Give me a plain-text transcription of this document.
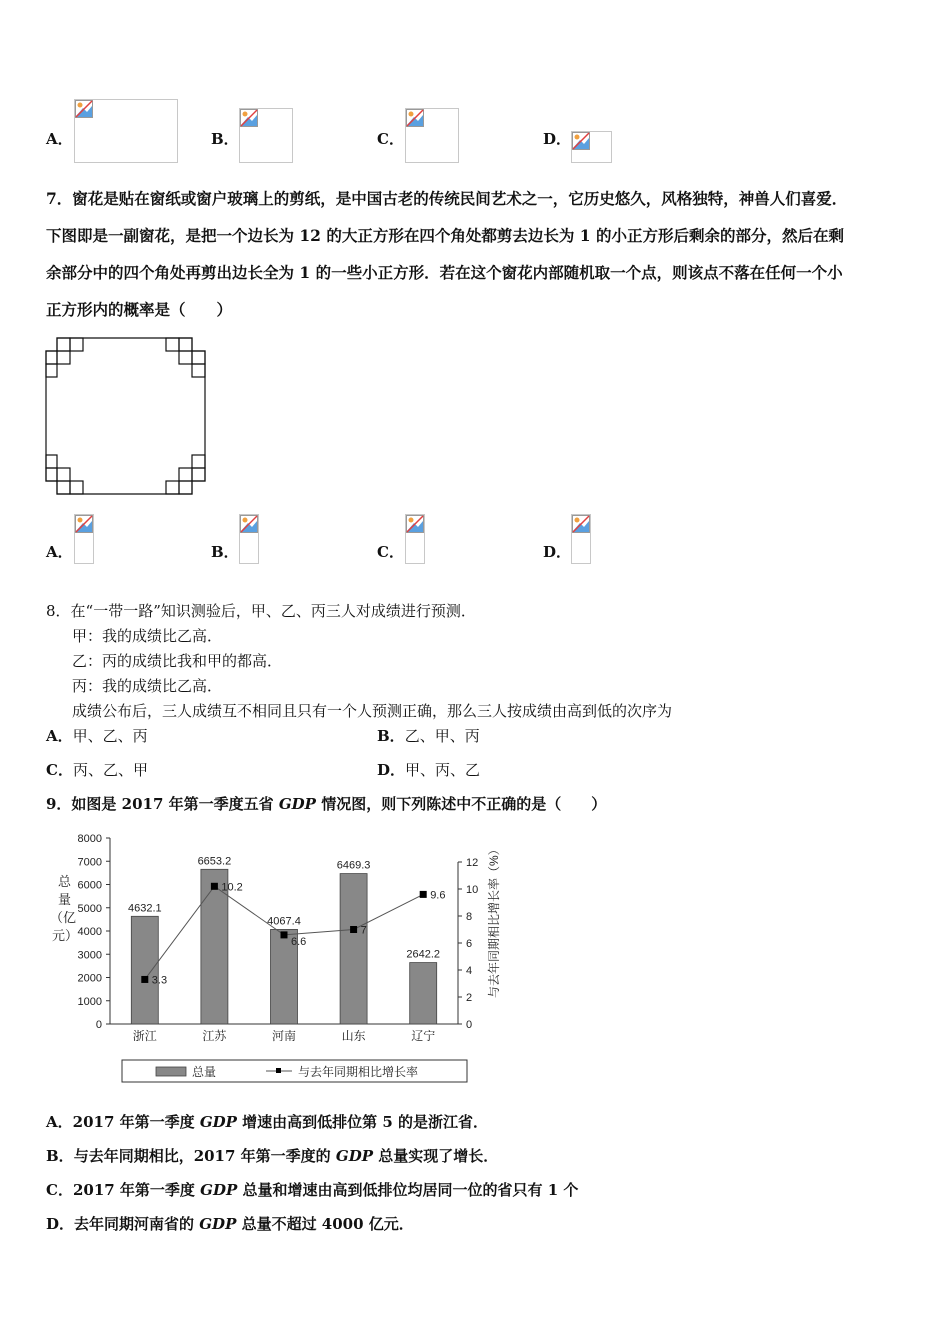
A．	B．	C．	D．
7．窗花是贴在窗纸或窗户玻璃上的剪纸，是中国古老的传统民间艺术之一，它历史悠久，风格独特，神兽人们喜爱．
下图即是一副窗花，是把一个边长为 12 的大正方形在四个角处都剪去边长为 1 的小正方形后剩余的部分，然后在剩
余部分中的四个角处再剪出边长全为 1 的一些小正方形．若在这个窗花内部随机取一个点，则该点不落在任何一个小
正方形内的概率是（　　）
A．	B．	C．	D．
8．在“一带一路”知识测验后，甲、乙、丙三人对成绩进行预测．
甲：我的成绩比乙高．
乙：丙的成绩比我和甲的都高．
丙：我的成绩比乙高．
成绩公布后，三人成绩互不相同且只有一个人预测正确，那么三人按成绩由高到低的次序为
A．甲、乙、丙	B．乙、甲、丙
C．丙、乙、甲	D．甲、丙、乙
9．如图是 2017 年第一季度五省 GDP 情况图，则下列陈述中不正确的是（　　）
0
1000
2000
3000
4000
5000
6000
7000
8000
0
2
4
6
8
10
12
3.3
10.2
6.6
7
9.6
4632.1
浙江
6653.2
江苏
4067.4
河南
6469.3
山东
2642.2
辽宁
总
量
（亿
元）	与去年同期相比增长率（%）
总量	与去年同期相比增长率
A．2017 年第一季度 GDP 增速由高到低排位第 5 的是浙江省．
B．与去年同期相比，2017 年第一季度的 GDP 总量实现了增长．
C．2017 年第一季度 GDP 总量和增速由高到低排位均居同一位的省只有 1 个
D．去年同期河南省的 GDP 总量不超过 4000 亿元．
